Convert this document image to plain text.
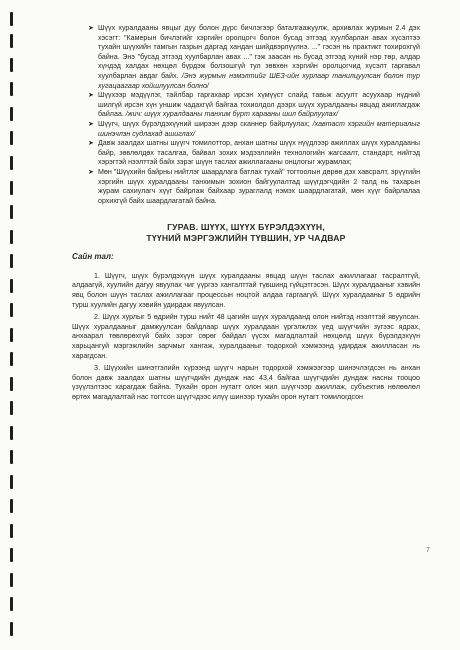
➤ Шүүх хуралдааны явцыг дуу болон дүрс бичлэгээр баталгаажуулж, архивлах журмын 2.4 дэх хэсэгт: "Камерын бичлэгийг хэргийн оролцогч болон бусад этгээд хуулбарлан авах хүсэлтээ тухайн шүүхийн тамгын газрын даргад хандан шийдвэрлүүлнэ. ..." гэсэн нь практикт тохирохгүй байна. Энэ "бусад этгээд хуулбарлан авах ..." гэж заасан нь бусад этгээд хүний нэр төр, алдар хүндэд халдах нөхцөл бүрдэж болзошгүй тул зөвхөн хэргийн оролцогчид хүсэлт гаргавал хуулбарлан авдаг байх. /Энэ журмын нэмэлтийг ШЕЗ-ийн хурлаар танилцуулсан болон тур хугацаагаар хойшлуулсан болно/

➤ Шүүхээр мэдүүлэг, тайлбар гаргахаар ирсэн хүмүүст слайд тавьж асуулт асуухаар нүдний шилгүй ирсэн хүн уншиж чадахгүй байгаа тохиолдол дээрх шүүх хуралдааны явцад ажиглагдаж байлаа. /жич: шүүх хуралдааны танхим бүрт харааны шил байрлуулах/

➤ Шүүгч, шүүх бүрэлдэхүүний ширээн дээр сканнер байрлуулах; /хавтаст хэргийн материалыг шинэчлэн судлахад ашиглах/

➤ Давж заалдах шатны шүүгч томилоттор, анхан шатны шүүх нүүдлээр ажиллах шүүх хуралдааны байр, зөвлөлдөх тасалгаа, байвал зохих мэдээллийн технологийн жагсаалт, стандарт, нийтэд хэрэгтэй нээлттэй байх зэрэг шүүн таслах ажиллагааны онцлогыг журамлах;

➤ Мөн "Шүүхийн байрны нийтлэг шаардлага батлах тухай" тогтоолын дөрөө дэх хавсралт, эрүүгийн хэргийн шүүх хуралдааны танхимын зохион байгуулалтад шүүгдэгчдийн 2 талд нь тахарын журам сахиулагч хүүг байрлаж байхаар зураглалд нэмэх шаардлагатай, мөн хүүг байрлалаа орхихгүй байх шаардлагатай байна.

ГУРАВ. ШҮҮХ, ШҮҮХ БҮРЭЛДЭХҮҮН,
ТҮҮНИЙ МЭРГЭЖЛИЙН ТҮВШИН, УР ЧАДВАР
Сайн тал:

1. Шүүгч, шүүх бүрэлдэхүүн шүүх хуралдааны явцад шүүн таслах ажиллагааг тасралтгүй, алдаагүй, хуулийн дагуу явуулах чиг үүргээ хангалттай түвшинд гүйцэтгэсэн. Шүүх хуралдааныг хэвийн явц болон шүүн таслах ажиллагааг процессын ноцтой алдаа гаргаагүй. Шүүх хуралдааныг 5 өдрийн турш хуулийн дагуу хэвийн удирдаж явуулсан.

2. Шүүх хурлыг 5 өдрийн турш нийт 48 цагийн шүүх хуралдаанд олон нийтэд нээлттэй явуулсан. Шүүх хуралдааныг дамжуулсан байдлаар шүүх хуралдаан үргэлжлэх үед шүүгчийн зүгээс ядрах, анхаарал төвлөрөхгүй байх зэрэг сөрөг байдал үүсэх магадлалтай нөхцөлд шүүх бүрэлдэхүүн харьцангуй мэргэжлийн зарчмыг хангаж, хуралдааныг тодорхой хэмжээнд удирдаж ажилласан нь харагдсан.

3. Шүүхийн шинэтгэлийн хүрээнд шүүгч нарын тодорхой хэмжээгээр шинэчлэгдсэн нь анхан болон давж заалдах шатны шүүгчдийн дундаж нас 43,4 байгаа шүүгчдийн дундаж насны тооцоо үзүүлэлтээс харагдаж байна. Тухайн орон нутагт олон жил шүүгчээр ажиллаж, субъектив нөлөөлөл өртөх магадлалтай нас тогтсон шүүгчдээс илүү шинээр тухайн орон нутагт томилогдсон

7
